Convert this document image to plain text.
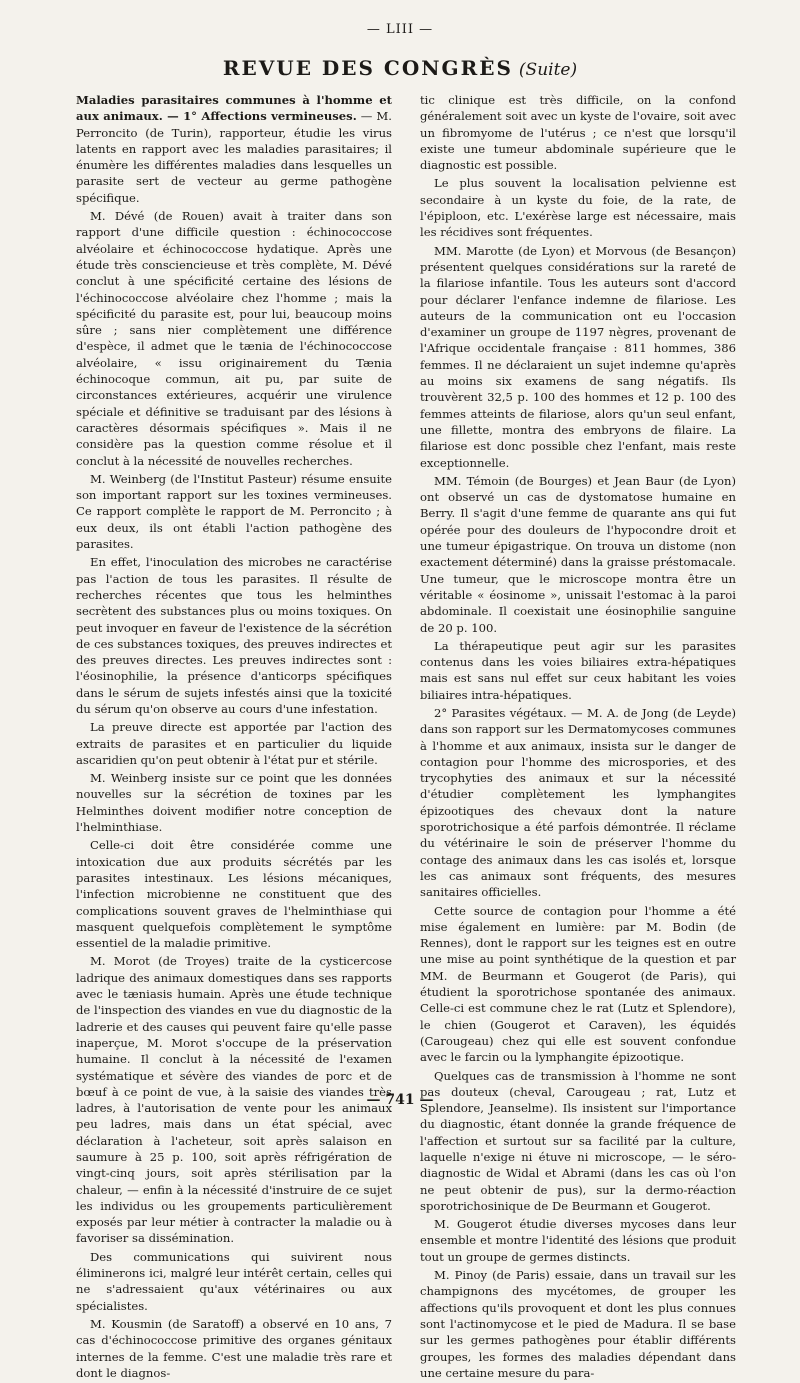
— LIII —
REVUE DES CONGRÈS (Suite)

Maladies parasitaires communes à l'homme et aux animaux. — 1° Affections vermineuses. — M. Perroncito (de Turin), rapporteur, étudie les virus latents en rapport avec les maladies parasitaires; il énumère les différentes maladies dans lesquelles un parasite sert de vecteur au germe pathogène spécifique.

M. Dévé (de Rouen) avait à traiter dans son rapport d'une difficile question : échinococcose alvéolaire et échinococcose hydatique. Après une étude très consciencieuse et très complète, M. Dévé conclut à une spécificité certaine des lésions de l'échinococcose alvéolaire chez l'homme ; mais la spécificité du parasite est, pour lui, beaucoup moins sûre ; sans nier complètement une différence d'espèce, il admet que le tænia de l'échinococcose alvéolaire, « issu originairement du Tænia échinocoque commun, ait pu, par suite de circonstances extérieures, acquérir une virulence spéciale et définitive se traduisant par des lésions à caractères désormais spécifiques ». Mais il ne considère pas la question comme résolue et il conclut à la nécessité de nouvelles recherches.

M. Weinberg (de l'Institut Pasteur) résume ensuite son important rapport sur les toxines vermineuses. Ce rapport complète le rapport de M. Perroncito ; à eux deux, ils ont établi l'action pathogène des parasites.

En effet, l'inoculation des microbes ne caractérise pas l'action de tous les parasites. Il résulte de recherches récentes que tous les helminthes secrètent des substances plus ou moins toxiques. On peut invoquer en faveur de l'existence de la sécrétion de ces substances toxiques, des preuves indirectes et des preuves directes. Les preuves indirectes sont : l'éosinophilie, la présence d'anticorps spécifiques dans le sérum de sujets infestés ainsi que la toxicité du sérum qu'on observe au cours d'une infestation.

La preuve directe est apportée par l'action des extraits de parasites et en particulier du liquide ascaridien qu'on peut obtenir à l'état pur et stérile.

M. Weinberg insiste sur ce point que les données nouvelles sur la sécrétion de toxines par les Helminthes doivent modifier notre conception de l'helminthiase.

Celle-ci doit être considérée comme une intoxication due aux produits sécrétés par les parasites intestinaux. Les lésions mécaniques, l'infection microbienne ne constituent que des complications souvent graves de l'helminthiase qui masquent quelquefois complètement le symptôme essentiel de la maladie primitive.

M. Morot (de Troyes) traite de la cysticercose ladrique des animaux domestiques dans ses rapports avec le tæniasis humain. Après une étude technique de l'inspection des viandes en vue du diagnostic de la ladrerie et des causes qui peuvent faire qu'elle passe inaperçue, M. Morot s'occupe de la préservation humaine. Il conclut à la nécessité de l'examen systématique et sévère des viandes de porc et de bœuf à ce point de vue, à la saisie des viandes très ladres, à l'autorisation de vente pour les animaux peu ladres, mais dans un état spécial, avec déclaration à l'acheteur, soit après salaison en saumure à 25 p. 100, soit après réfrigération de vingt-cinq jours, soit après stérilisation par la chaleur, — enfin à la nécessité d'instruire de ce sujet les individus ou les groupements particulièrement exposés par leur métier à contracter la maladie ou à favoriser sa dissémination.

Des communications qui suivirent nous éliminerons ici, malgré leur intérêt certain, celles qui ne s'adressaient qu'aux vétérinaires ou aux spécialistes.

M. Kousmin (de Saratoff) a observé en 10 ans, 7 cas d'échinococcose primitive des organes génitaux internes de la femme. C'est une maladie très rare et dont le diagnos-

tic clinique est très difficile, on la confond généralement soit avec un kyste de l'ovaire, soit avec un fibromyome de l'utérus ; ce n'est que lorsqu'il existe une tumeur abdominale supérieure que le diagnostic est possible.

Le plus souvent la localisation pelvienne est secondaire à un kyste du foie, de la rate, de l'épiploon, etc. L'exérèse large est nécessaire, mais les récidives sont fréquentes.

MM. Marotte (de Lyon) et Morvous (de Besançon) présentent quelques considérations sur la rareté de la filariose infantile. Tous les auteurs sont d'accord pour déclarer l'enfance indemne de filariose. Les auteurs de la communication ont eu l'occasion d'examiner un groupe de 1197 nègres, provenant de l'Afrique occidentale française : 811 hommes, 386 femmes. Il ne déclaraient un sujet indemne qu'après au moins six examens de sang négatifs. Ils trouvèrent 32,5 p. 100 des hommes et 12 p. 100 des femmes atteints de filariose, alors qu'un seul enfant, une fillette, montra des embryons de filaire. La filariose est donc possible chez l'enfant, mais reste exceptionnelle.

MM. Témoin (de Bourges) et Jean Baur (de Lyon) ont observé un cas de dystomatose humaine en Berry. Il s'agit d'une femme de quarante ans qui fut opérée pour des douleurs de l'hypocondre droit et une tumeur épigastrique. On trouva un distome (non exactement déterminé) dans la graisse préstomacale. Une tumeur, que le microscope montra être un véritable « éosinome », unissait l'estomac à la paroi abdominale. Il coexistait une éosinophilie sanguine de 20 p. 100.

La thérapeutique peut agir sur les parasites contenus dans les voies biliaires extra-hépatiques mais est sans nul effet sur ceux habitant les voies biliaires intra-hépatiques.

2° Parasites végétaux. — M. A. de Jong (de Leyde) dans son rapport sur les Dermatomycoses communes à l'homme et aux animaux, insista sur le danger de contagion pour l'homme des microspories, et des trycophyties des animaux et sur la nécessité d'étudier complètement les lymphangites épizootiques des chevaux dont la nature sporotrichosique a été parfois démontrée. Il réclame du vétérinaire le soin de préserver l'homme du contage des animaux dans les cas isolés et, lorsque les cas animaux sont fréquents, des mesures sanitaires officielles.

Cette source de contagion pour l'homme a été mise également en lumière: par M. Bodin (de Rennes), dont le rapport sur les teignes est en outre une mise au point synthétique de la question et par MM. de Beurmann et Gougerot (de Paris), qui étudient la sporotrichose spontanée des animaux. Celle-ci est commune chez le rat (Lutz et Splendore), le chien (Gougerot et Caraven), les équidés (Carougeau) chez qui elle est souvent confondue avec le farcin ou la lymphangite épizootique.

Quelques cas de transmission à l'homme ne sont pas douteux (cheval, Carougeau ; rat, Lutz et Splendore, Jeanselme). Ils insistent sur l'importance du diagnostic, étant donnée la grande fréquence de l'affection et surtout sur sa facilité par la culture, laquelle n'exige ni étuve ni microscope, — le séro-diagnostic de Widal et Abrami (dans les cas où l'on ne peut obtenir de pus), sur la dermo-réaction sporotrichosinique de De Beurmann et Gougerot.

M. Gougerot étudie diverses mycoses dans leur ensemble et montre l'identité des lésions que produit tout un groupe de germes distincts.

M. Pinoy (de Paris) essaie, dans un travail sur les champignons des mycétomes, de grouper les affections qu'ils provoquent et dont les plus connues sont l'actinomycose et le pied de Madura. Il se base sur les germes pathogènes pour établir différents groupes, les formes des maladies dépendant dans une certaine mesure du para-

— 741 —
